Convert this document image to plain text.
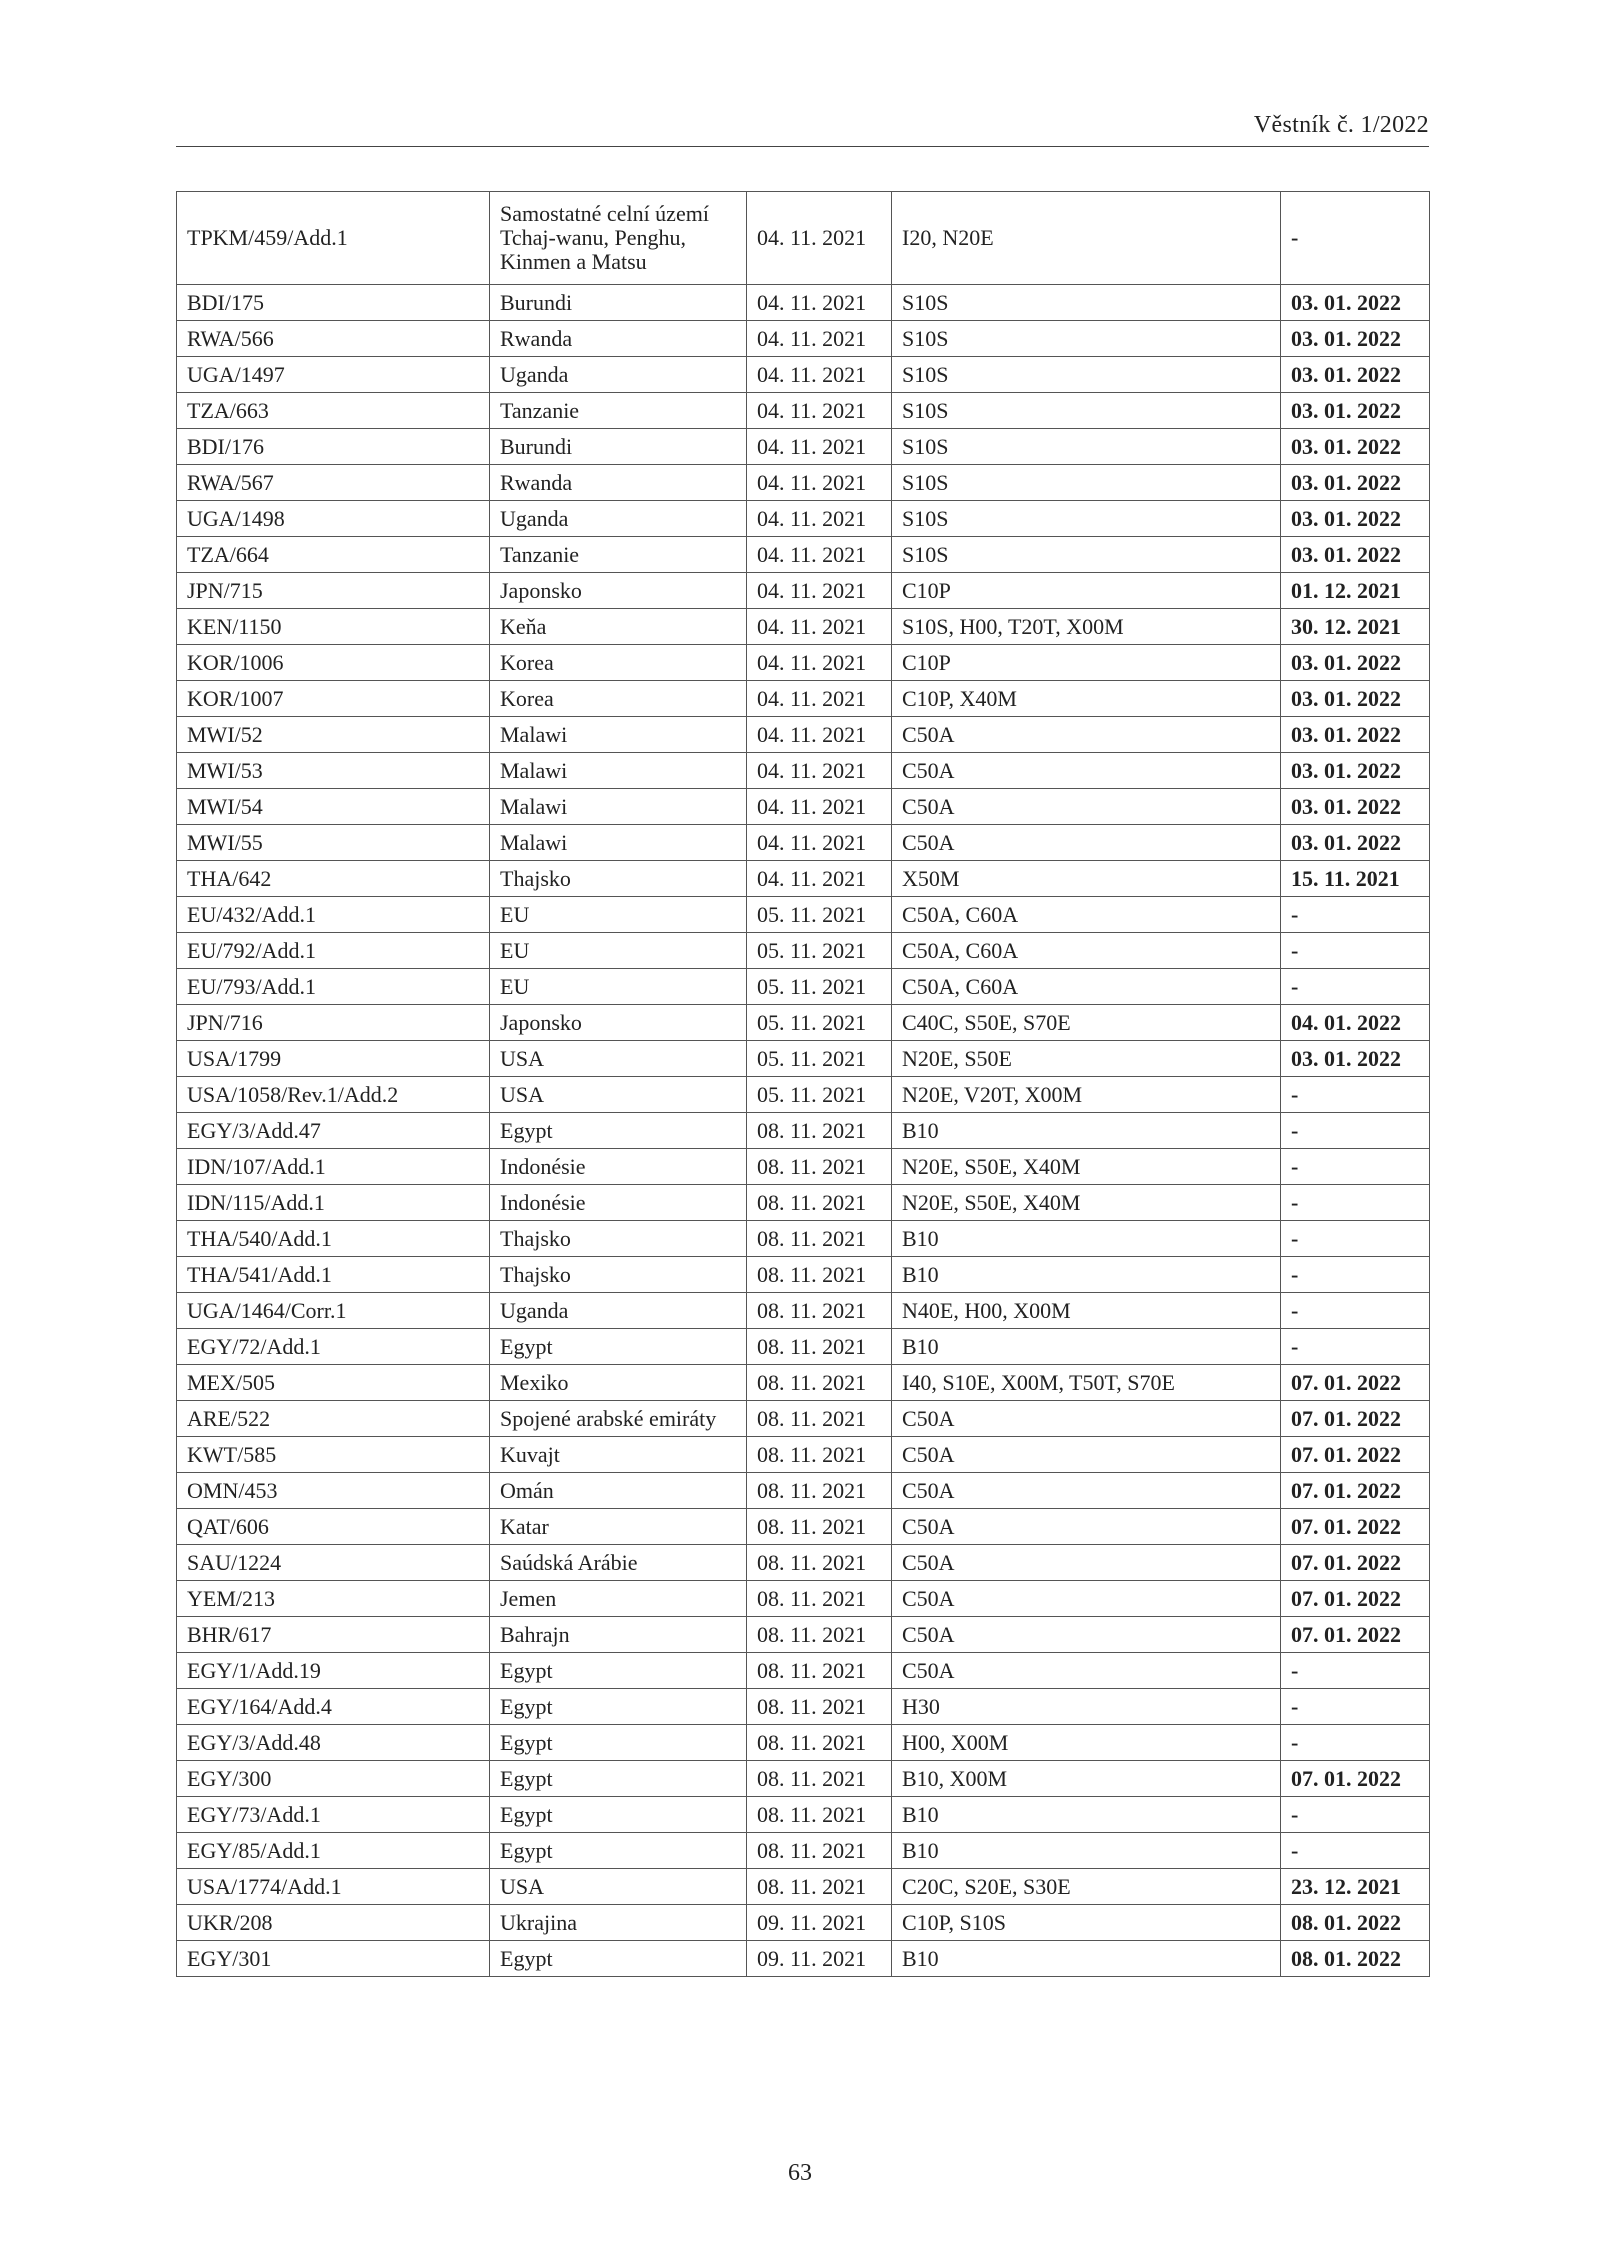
Věstník č. 1/2022
TPKM/459/Add.1	Samostatné celní území Tchaj-wanu, Penghu, Kinmen a Matsu	04. 11. 2021	I20, N20E	-
BDI/175	Burundi	04. 11. 2021	S10S	03. 01. 2022
RWA/566	Rwanda	04. 11. 2021	S10S	03. 01. 2022
UGA/1497	Uganda	04. 11. 2021	S10S	03. 01. 2022
TZA/663	Tanzanie	04. 11. 2021	S10S	03. 01. 2022
BDI/176	Burundi	04. 11. 2021	S10S	03. 01. 2022
RWA/567	Rwanda	04. 11. 2021	S10S	03. 01. 2022
UGA/1498	Uganda	04. 11. 2021	S10S	03. 01. 2022
TZA/664	Tanzanie	04. 11. 2021	S10S	03. 01. 2022
JPN/715	Japonsko	04. 11. 2021	C10P	01. 12. 2021
KEN/1150	Keňa	04. 11. 2021	S10S, H00, T20T, X00M	30. 12. 2021
KOR/1006	Korea	04. 11. 2021	C10P	03. 01. 2022
KOR/1007	Korea	04. 11. 2021	C10P, X40M	03. 01. 2022
MWI/52	Malawi	04. 11. 2021	C50A	03. 01. 2022
MWI/53	Malawi	04. 11. 2021	C50A	03. 01. 2022
MWI/54	Malawi	04. 11. 2021	C50A	03. 01. 2022
MWI/55	Malawi	04. 11. 2021	C50A	03. 01. 2022
THA/642	Thajsko	04. 11. 2021	X50M	15. 11. 2021
EU/432/Add.1	EU	05. 11. 2021	C50A, C60A	-
EU/792/Add.1	EU	05. 11. 2021	C50A, C60A	-
EU/793/Add.1	EU	05. 11. 2021	C50A, C60A	-
JPN/716	Japonsko	05. 11. 2021	C40C, S50E, S70E	04. 01. 2022
USA/1799	USA	05. 11. 2021	N20E, S50E	03. 01. 2022
USA/1058/Rev.1/Add.2	USA	05. 11. 2021	N20E, V20T, X00M	-
EGY/3/Add.47	Egypt	08. 11. 2021	B10	-
IDN/107/Add.1	Indonésie	08. 11. 2021	N20E, S50E, X40M	-
IDN/115/Add.1	Indonésie	08. 11. 2021	N20E, S50E, X40M	-
THA/540/Add.1	Thajsko	08. 11. 2021	B10	-
THA/541/Add.1	Thajsko	08. 11. 2021	B10	-
UGA/1464/Corr.1	Uganda	08. 11. 2021	N40E, H00, X00M	-
EGY/72/Add.1	Egypt	08. 11. 2021	B10	-
MEX/505	Mexiko	08. 11. 2021	I40, S10E, X00M, T50T, S70E	07. 01. 2022
ARE/522	Spojené arabské emiráty	08. 11. 2021	C50A	07. 01. 2022
KWT/585	Kuvajt	08. 11. 2021	C50A	07. 01. 2022
OMN/453	Omán	08. 11. 2021	C50A	07. 01. 2022
QAT/606	Katar	08. 11. 2021	C50A	07. 01. 2022
SAU/1224	Saúdská Arábie	08. 11. 2021	C50A	07. 01. 2022
YEM/213	Jemen	08. 11. 2021	C50A	07. 01. 2022
BHR/617	Bahrajn	08. 11. 2021	C50A	07. 01. 2022
EGY/1/Add.19	Egypt	08. 11. 2021	C50A	-
EGY/164/Add.4	Egypt	08. 11. 2021	H30	-
EGY/3/Add.48	Egypt	08. 11. 2021	H00, X00M	-
EGY/300	Egypt	08. 11. 2021	B10, X00M	07. 01. 2022
EGY/73/Add.1	Egypt	08. 11. 2021	B10	-
EGY/85/Add.1	Egypt	08. 11. 2021	B10	-
USA/1774/Add.1	USA	08. 11. 2021	C20C, S20E, S30E	23. 12. 2021
UKR/208	Ukrajina	09. 11. 2021	C10P, S10S	08. 01. 2022
EGY/301	Egypt	09. 11. 2021	B10	08. 01. 2022
63
